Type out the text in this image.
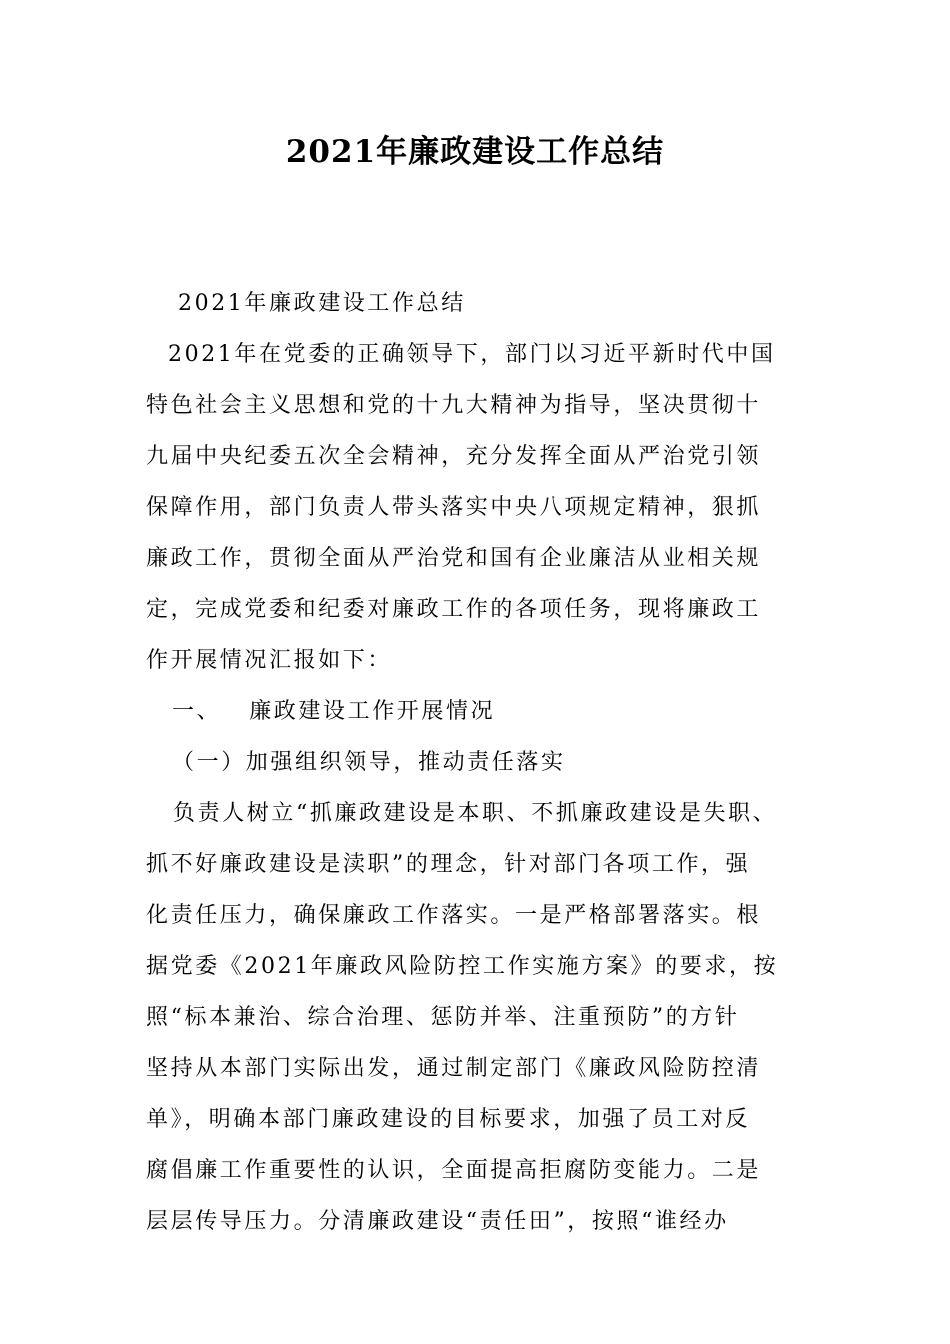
2021年廉政建设工作总结
2021年廉政建设工作总结
2021年在党委的正确领导下，部门以习近平新时代中国
特色社会主义思想和党的十九大精神为指导，坚决贯彻十
九届中央纪委五次全会精神，充分发挥全面从严治党引领
保障作用，部门负责人带头落实中央八项规定精神，狠抓
廉政工作，贯彻全面从严治党和国有企业廉洁从业相关规
定，完成党委和纪委对廉政工作的各项任务，现将廉政工
作开展情况汇报如下：
一、 廉政建设工作开展情况
（一）加强组织领导，推动责任落实
负责人树立“抓廉政建设是本职、不抓廉政建设是失职、
抓不好廉政建设是渎职”的理念，针对部门各项工作，强
化责任压力，确保廉政工作落实。一是严格部署落实。根
据党委《2021年廉政风险防控工作实施方案》的要求，按
照“标本兼治、综合治理、惩防并举、注重预防”的方针
坚持从本部门实际出发，通过制定部门《廉政风险防控清
单》，明确本部门廉政建设的目标要求，加强了员工对反
腐倡廉工作重要性的认识，全面提高拒腐防变能力。二是
层层传导压力。分清廉政建设“责任田”，按照“谁经办
